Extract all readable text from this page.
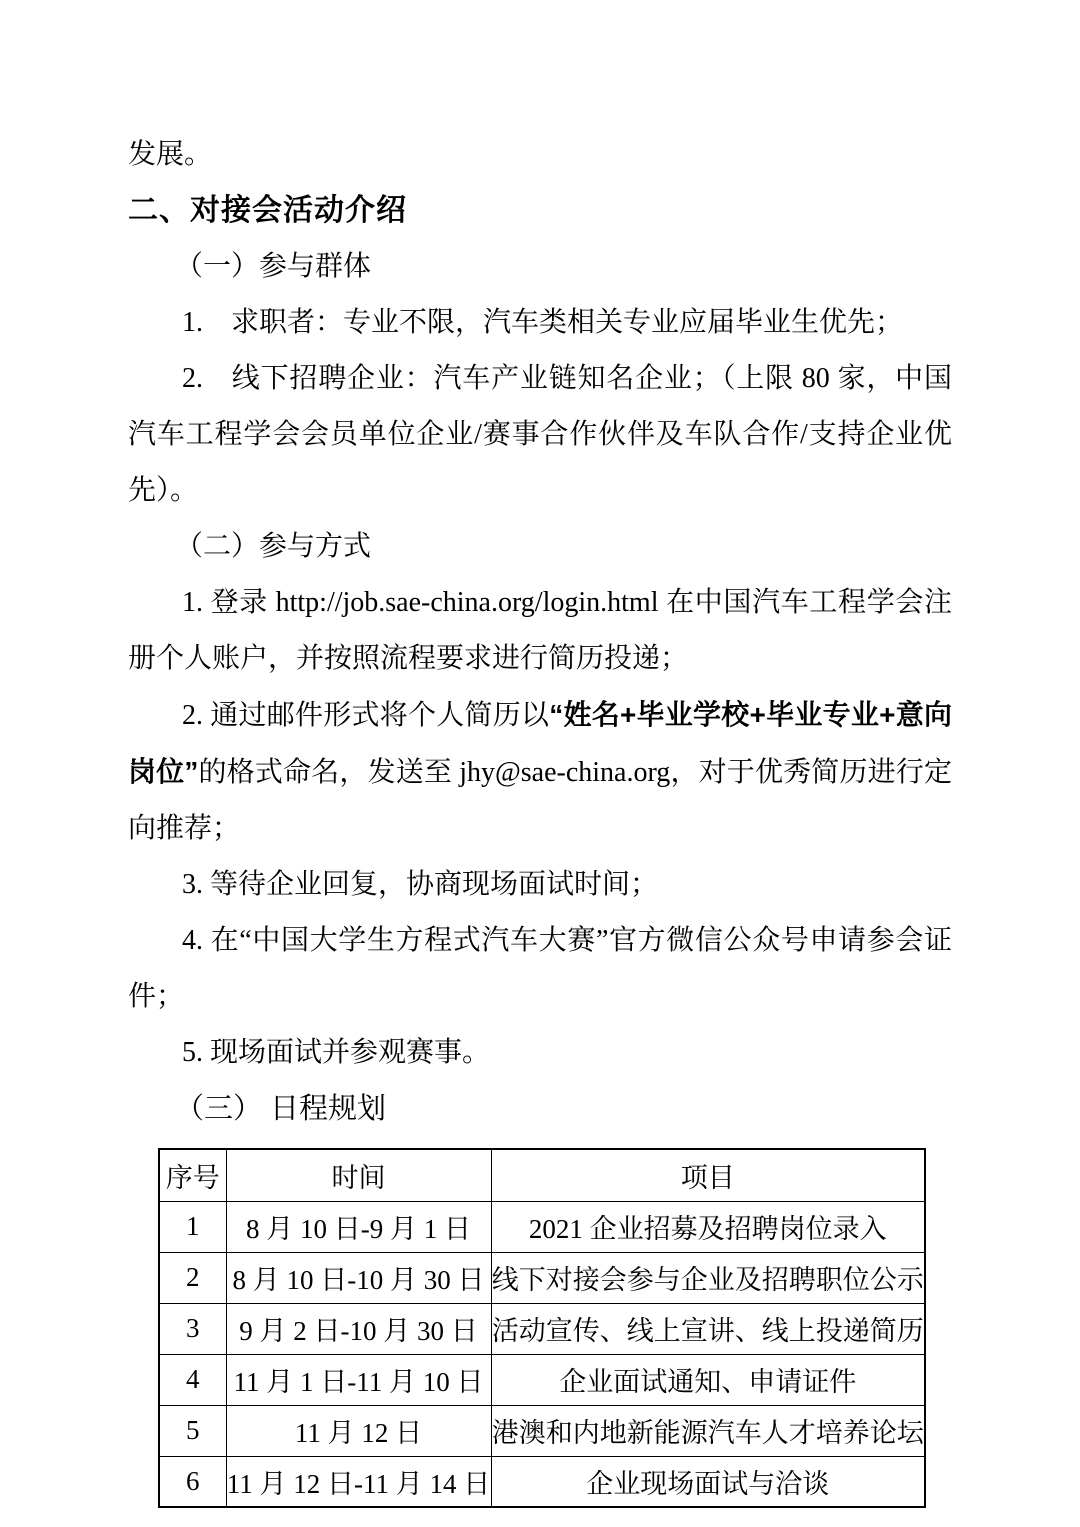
发展。

二、对接会活动介绍

（一）参与群体

1. 求职者：专业不限，汽车类相关专业应届毕业生优先；

2. 线下招聘企业：汽车产业链知名企业；（上限 80 家，中国汽车工程学会会员单位企业/赛事合作伙伴及车队合作/支持企业优先）。

（二）参与方式

1. 登录 http://job.sae-china.org/login.html 在中国汽车工程学会注册个人账户，并按照流程要求进行简历投递；

2. 通过邮件形式将个人简历以“姓名+毕业学校+毕业专业+意向岗位”的格式命名，发送至 jhy@sae-china.org，对于优秀简历进行定向推荐；

3. 等待企业回复，协商现场面试时间；

4. 在“中国大学生方程式汽车大赛”官方微信公众号申请参会证件；

5. 现场面试并参观赛事。

（三） 日程规划

序号	时间	项目
1	8 月 10 日-9 月 1 日	2021 企业招募及招聘岗位录入
2	8 月 10 日-10 月 30 日	线下对接会参与企业及招聘职位公示
3	9 月 2 日-10 月 30 日	活动宣传、线上宣讲、线上投递简历
4	11 月 1 日-11 月 10 日	企业面试通知、申请证件
5	11 月 12 日	港澳和内地新能源汽车人才培养论坛
6	11 月 12 日-11 月 14 日	企业现场面试与洽谈
